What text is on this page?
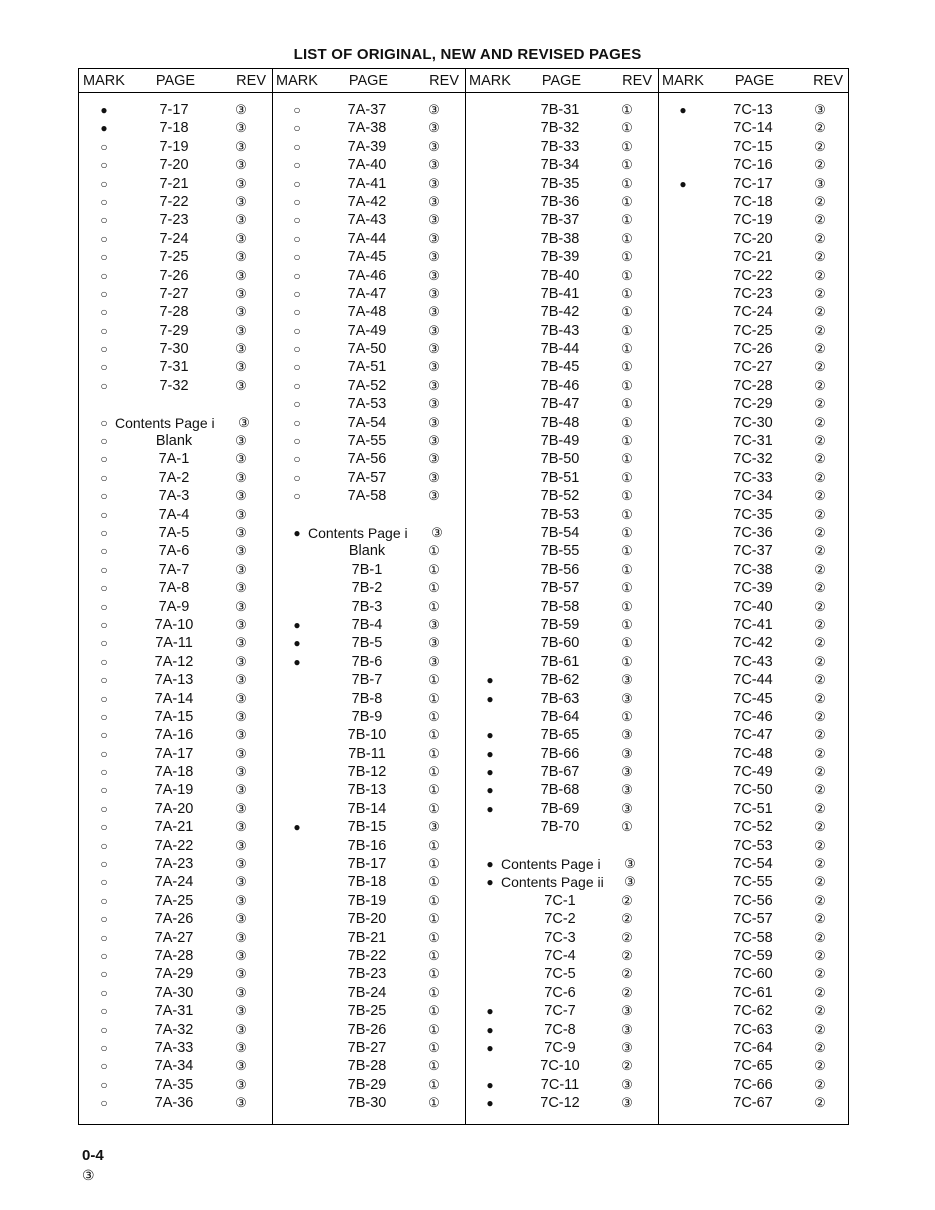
LIST OF ORIGINAL, NEW AND REVISED PAGES
MARK	PAGE	REV
●	7-17	③
●	7-18	③
○	7-19	③
○	7-20	③
○	7-21	③
○	7-22	③
○	7-23	③
○	7-24	③
○	7-25	③
○	7-26	③
○	7-27	③
○	7-28	③
○	7-29	③
○	7-30	③
○	7-31	③
○	7-32	③
○ Contents Page i	③
○	Blank	③
○	7A-1	③
○	7A-2	③
○	7A-3	③
○	7A-4	③
○	7A-5	③
○	7A-6	③
○	7A-7	③
○	7A-8	③
○	7A-9	③
○	7A-10	③
○	7A-11	③
○	7A-12	③
○	7A-13	③
○	7A-14	③
○	7A-15	③
○	7A-16	③
○	7A-17	③
○	7A-18	③
○	7A-19	③
○	7A-20	③
○	7A-21	③
○	7A-22	③
○	7A-23	③
○	7A-24	③
○	7A-25	③
○	7A-26	③
○	7A-27	③
○	7A-28	③
○	7A-29	③
○	7A-30	③
○	7A-31	③
○	7A-32	③
○	7A-33	③
○	7A-34	③
○	7A-35	③
○	7A-36	③
MARK	PAGE	REV
○	7A-37	③
○	7A-38	③
○	7A-39	③
○	7A-40	③
○	7A-41	③
○	7A-42	③
○	7A-43	③
○	7A-44	③
○	7A-45	③
○	7A-46	③
○	7A-47	③
○	7A-48	③
○	7A-49	③
○	7A-50	③
○	7A-51	③
○	7A-52	③
○	7A-53	③
○	7A-54	③
○	7A-55	③
○	7A-56	③
○	7A-57	③
○	7A-58	③
● Contents Page i	③
Blank	①
7B-1	①
7B-2	①
7B-3	①
●	7B-4	③
●	7B-5	③
●	7B-6	③
7B-7	①
7B-8	①
7B-9	①
7B-10	①
7B-11	①
7B-12	①
7B-13	①
7B-14	①
●	7B-15	③
7B-16	①
7B-17	①
7B-18	①
7B-19	①
7B-20	①
7B-21	①
7B-22	①
7B-23	①
7B-24	①
7B-25	①
7B-26	①
7B-27	①
7B-28	①
7B-29	①
7B-30	①
MARK	PAGE	REV
7B-31	①
7B-32	①
7B-33	①
7B-34	①
7B-35	①
7B-36	①
7B-37	①
7B-38	①
7B-39	①
7B-40	①
7B-41	①
7B-42	①
7B-43	①
7B-44	①
7B-45	①
7B-46	①
7B-47	①
7B-48	①
7B-49	①
7B-50	①
7B-51	①
7B-52	①
7B-53	①
7B-54	①
7B-55	①
7B-56	①
7B-57	①
7B-58	①
7B-59	①
7B-60	①
7B-61	①
●	7B-62	③
●	7B-63	③
7B-64	①
●	7B-65	③
●	7B-66	③
●	7B-67	③
●	7B-68	③
●	7B-69	③
7B-70	①
● Contents Page i	③
● Contents Page ii	③
7C-1	②
7C-2	②
7C-3	②
7C-4	②
7C-5	②
7C-6	②
●	7C-7	③
●	7C-8	③
●	7C-9	③
7C-10	②
●	7C-11	③
●	7C-12	③
MARK	PAGE	REV
●	7C-13	③
7C-14	②
7C-15	②
7C-16	②
●	7C-17	③
7C-18	②
7C-19	②
7C-20	②
7C-21	②
7C-22	②
7C-23	②
7C-24	②
7C-25	②
7C-26	②
7C-27	②
7C-28	②
7C-29	②
7C-30	②
7C-31	②
7C-32	②
7C-33	②
7C-34	②
7C-35	②
7C-36	②
7C-37	②
7C-38	②
7C-39	②
7C-40	②
7C-41	②
7C-42	②
7C-43	②
7C-44	②
7C-45	②
7C-46	②
7C-47	②
7C-48	②
7C-49	②
7C-50	②
7C-51	②
7C-52	②
7C-53	②
7C-54	②
7C-55	②
7C-56	②
7C-57	②
7C-58	②
7C-59	②
7C-60	②
7C-61	②
7C-62	②
7C-63	②
7C-64	②
7C-65	②
7C-66	②
7C-67	②
0-4
③
